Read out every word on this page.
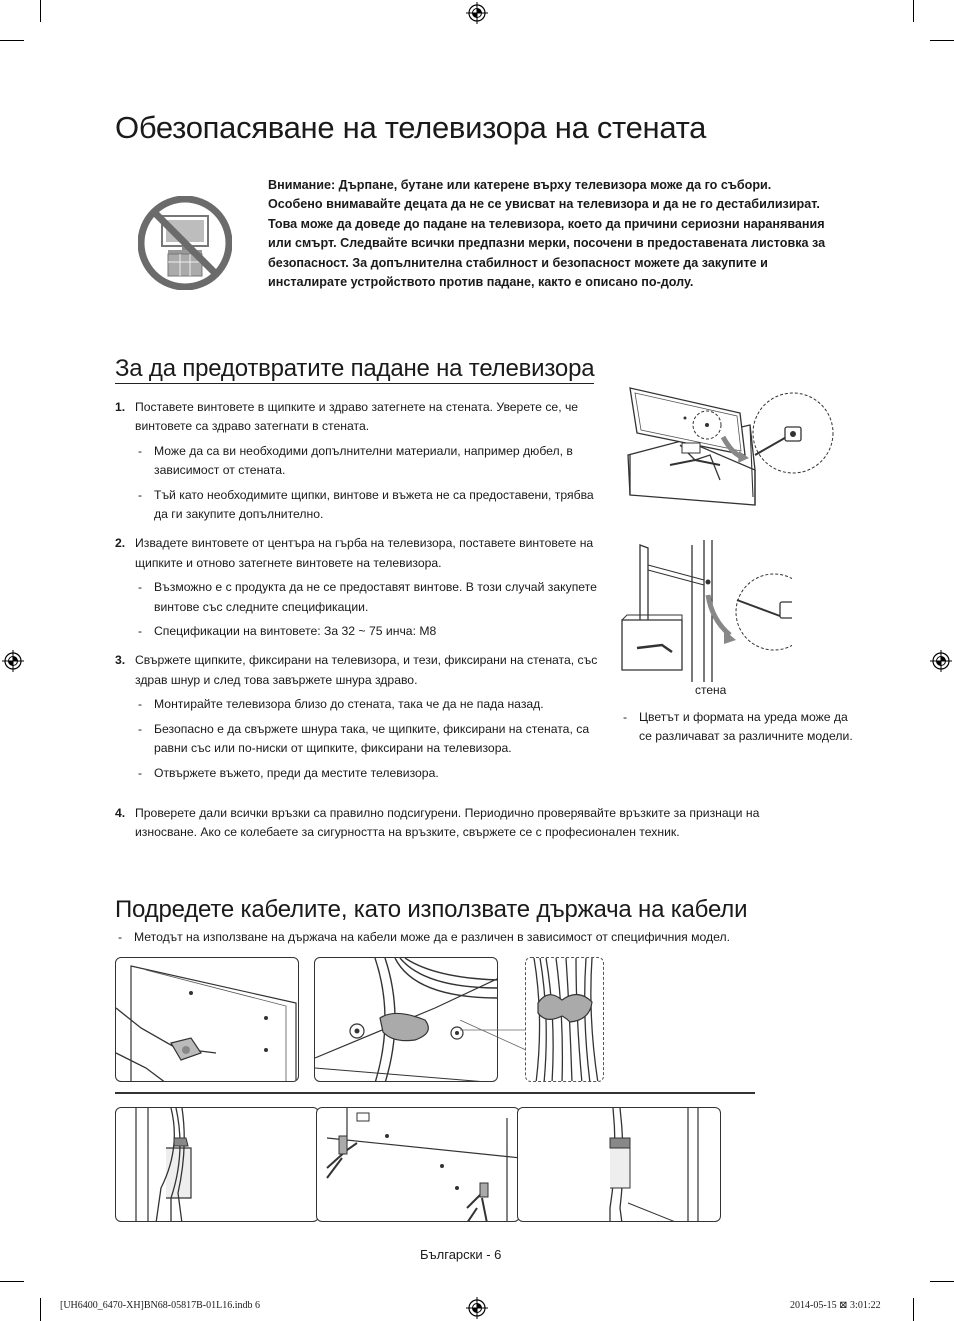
Обезопасяване на телевизора на стената

Внимание: Дърпане, бутане или катерене върху телевизора може да го събори. Особено внимавайте децата да не се увисват на телевизора и да не го дестабилизират. Това може да доведе до падане на телевизора, което да причини сериозни наранявания или смърт. Следвайте всички предпазни мерки, посочени в предоставената листовка за безопасност. За допълнителна стабилност и безопасност можете да закупите и инсталирате устройството против падане, както е описано по-долу.

За да предотвратите падане на телевизора
1. Поставете винтовете в щипките и здраво затегнете на стената. Уверете се, че винтовете са здраво затегнати в стената.
- Може да са ви необходими допълнителни материали, например дюбел, в зависимост от стената.
- Тъй като необходимите щипки, винтове и въжета не са предоставени, трябва да ги закупите допълнително.
2. Извадете винтовете от центъра на гърба на телевизора, поставете винтовете на щипките и отново затегнете винтовете на телевизора.
- Възможно е с продукта да не се предоставят винтове. В този случай закупете винтове със следните спецификации.
- Спецификации на винтовете: За 32 ~ 75 инча: M8
3. Свържете щипките, фиксирани на телевизора, и тези, фиксирани на стената, със здрав шнур и след това завържете шнура здраво.
- Монтирайте телевизора близо до стената, така че да не пада назад.
- Безопасно е да свържете шнура така, че щипките, фиксирани на стената, са равни със или по-ниски от щипките, фиксирани на телевизора.
- Отвържете въжето, преди да местите телевизора.
4. Проверете дали всички връзки са правилно подсигурени. Периодично проверявайте връзките за признаци на износване. Ако се колебаете за сигурността на връзките, свържете се с професионален техник.
стена
- Цветът и формата на уреда може да се различават за различните модели.
Подредете кабелите, като използвате държача на кабели
- Методът на използване на държача на кабели може да е различен в зависимост от специфичния модел.
Български - 6
[UH6400_6470-XH]BN68-05817B-01L16.indb 6	2014-05-15 ⊠ 3:01:22
